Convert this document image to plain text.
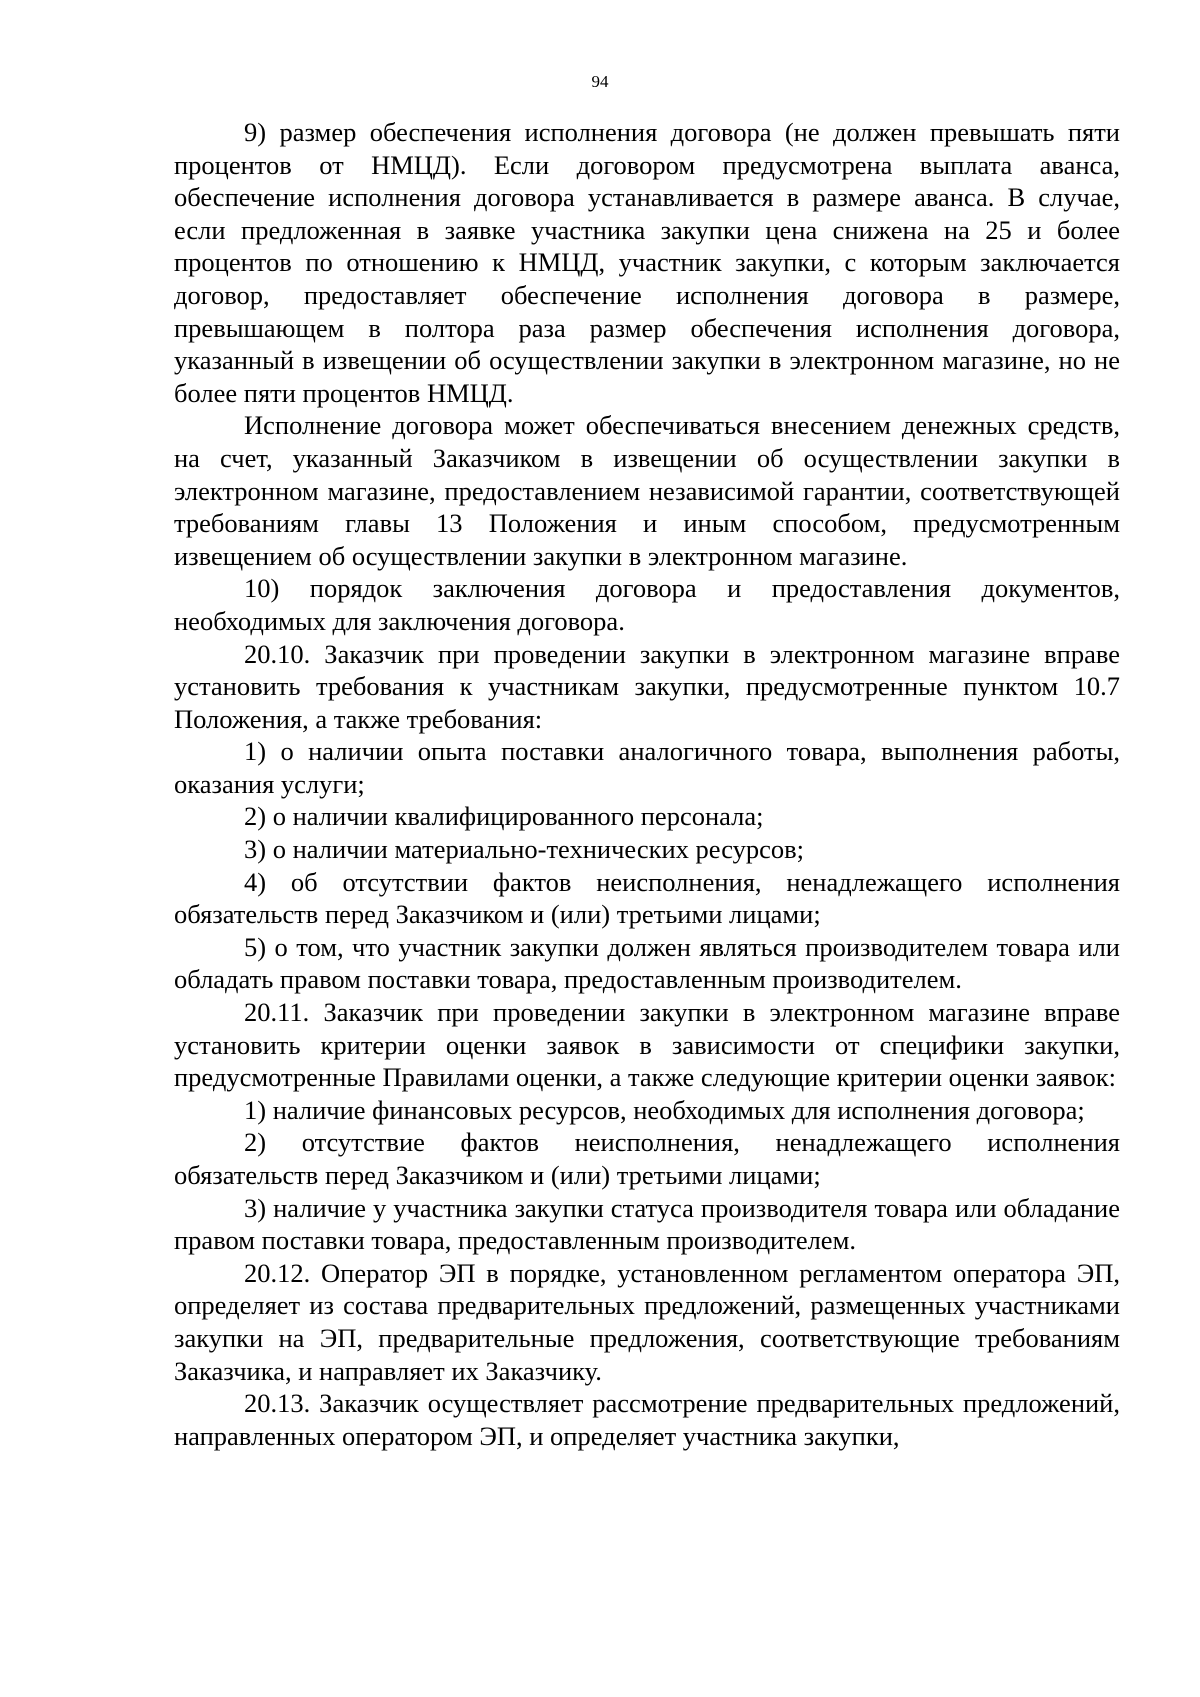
94

9) размер обеспечения исполнения договора (не должен превышать пяти процентов от НМЦД). Если договором предусмотрена выплата аванса, обеспечение исполнения договора устанавливается в размере аванса. В случае, если предложенная в заявке участника закупки цена снижена на 25 и более процентов по отношению к НМЦД, участник закупки, с которым заключается договор, предоставляет обеспечение исполнения договора в размере, превышающем в полтора раза размер обеспечения исполнения договора, указанный в извещении об осуществлении закупки в электронном магазине, но не более пяти процентов НМЦД.

Исполнение договора может обеспечиваться внесением денежных средств, на счет, указанный Заказчиком в извещении об осуществлении закупки в электронном магазине, предоставлением независимой гарантии, соответствующей требованиям главы 13 Положения и иным способом, предусмотренным извещением об осуществлении закупки в электронном магазине.

10) порядок заключения договора и предоставления документов, необходимых для заключения договора.

20.10. Заказчик при проведении закупки в электронном магазине вправе установить требования к участникам закупки, предусмотренные пунктом 10.7 Положения, а также требования:

1) о наличии опыта поставки аналогичного товара, выполнения работы, оказания услуги;

2) о наличии квалифицированного персонала;

3) о наличии материально-технических ресурсов;

4) об отсутствии фактов неисполнения, ненадлежащего исполнения обязательств перед Заказчиком и (или) третьими лицами;

5) о том, что участник закупки должен являться производителем товара или обладать правом поставки товара, предоставленным производителем.

20.11. Заказчик при проведении закупки в электронном магазине вправе установить критерии оценки заявок в зависимости от специфики закупки, предусмотренные Правилами оценки, а также следующие критерии оценки заявок:

1) наличие финансовых ресурсов, необходимых для исполнения договора;

2) отсутствие фактов неисполнения, ненадлежащего исполнения обязательств перед Заказчиком и (или) третьими лицами;

3) наличие у участника закупки статуса производителя товара или обладание правом поставки товара, предоставленным производителем.

20.12. Оператор ЭП в порядке, установленном регламентом оператора ЭП, определяет из состава предварительных предложений, размещенных участниками закупки на ЭП, предварительные предложения, соответствующие требованиям Заказчика, и направляет их Заказчику.

20.13. Заказчик осуществляет рассмотрение предварительных предложений, направленных оператором ЭП, и определяет участника закупки,
